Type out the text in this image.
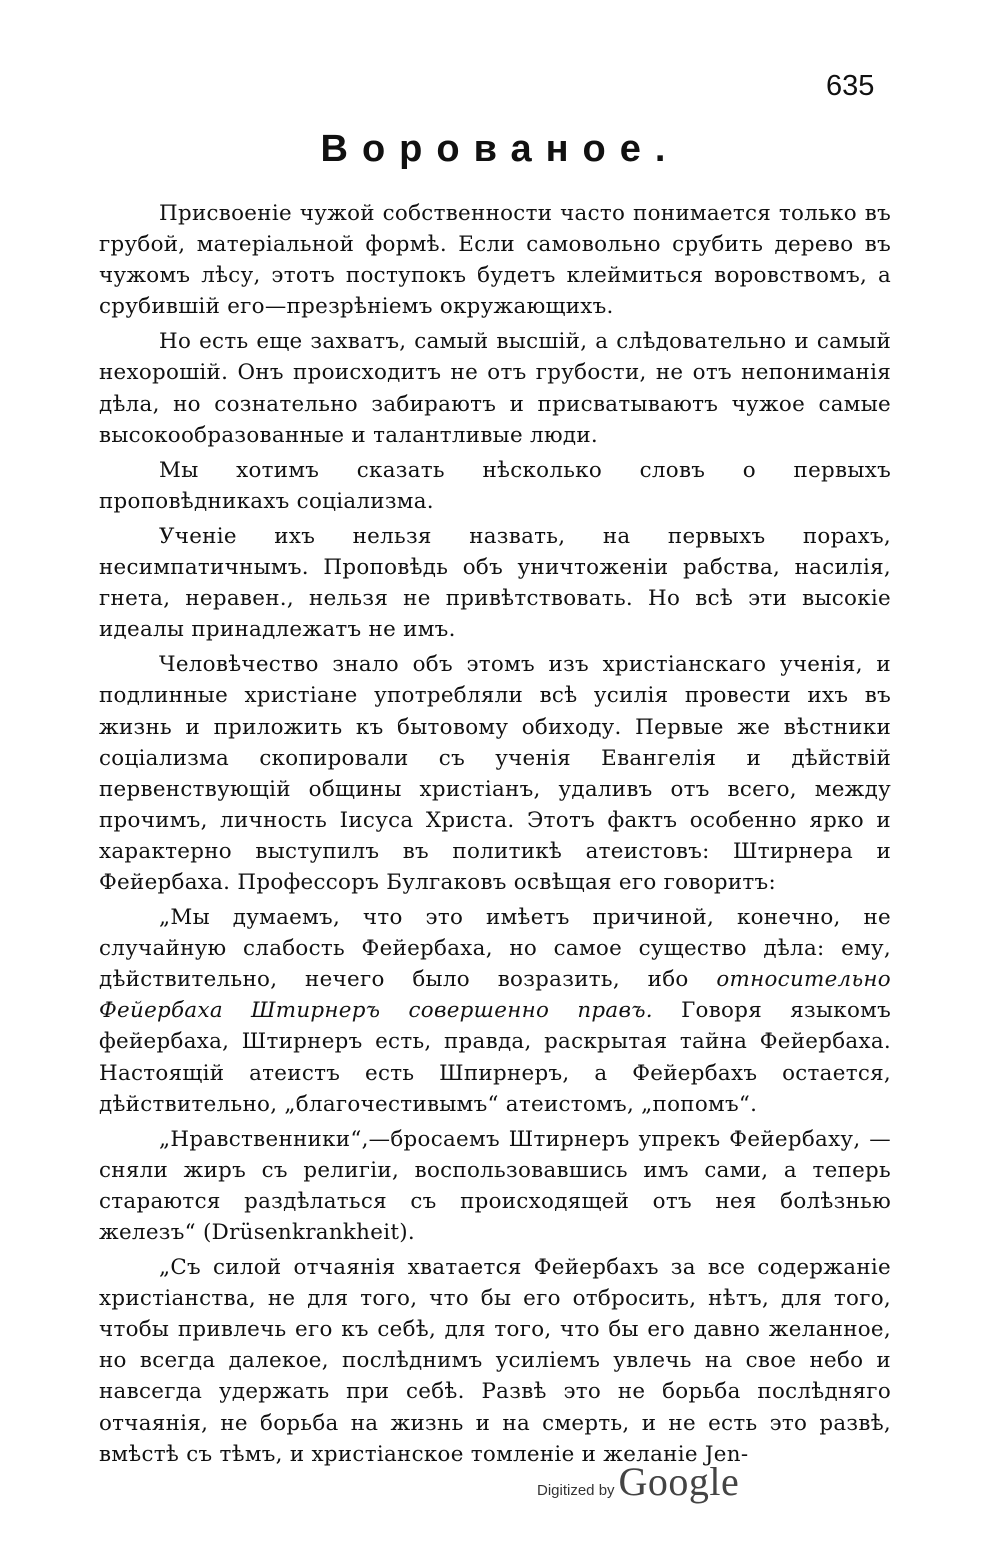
635
Ворованое.

Присвоеніе чужой собственности часто понимается только въ грубой, матеріальной формѣ. Если самовольно срубить дерево въ чужомъ лѣсу, этотъ поступокъ будетъ клеймиться воровствомъ, а срубившій его—презрѣніемъ окружающихъ.

Но есть еще захватъ, самый высшій, а слѣдовательно и самый нехорошій. Онъ происходитъ не отъ грубости, не отъ непониманія дѣла, но сознательно забираютъ и присватываютъ чужое самые высокообразованные и талантливые люди.

Мы хотимъ сказать нѣсколько словъ о первыхъ проповѣдникахъ соціализма.

Ученіе ихъ нельзя назвать, на первыхъ порахъ, несимпатичнымъ. Проповѣдь объ уничтоженіи рабства, насилія, гнета, неравен., нельзя не привѣтствовать. Но всѣ эти высокіе идеалы принадлежатъ не имъ.

Человѣчество знало объ этомъ изъ христіанскаго ученія, и подлинные христіане употребляли всѣ усилія провести ихъ въ жизнь и приложить къ бытовому обиходу. Первые же вѣстники соціализма скопировали съ ученія Евангелія и дѣйствій первенствующій общины христіанъ, удаливъ отъ всего, между прочимъ, личность Іисуса Христа. Этотъ фактъ особенно ярко и характерно выступилъ въ политикѣ атеистовъ: Штирнера и Фейербаха. Профессоръ Булгаковъ освѣщая его говоритъ:

„Мы думаемъ, что это имѣетъ причиной, конечно, не случайную слабость Фейербаха, но самое существо дѣла: ему, дѣйствительно, нечего было возразить, ибо относительно Фейербаха Штирнеръ совершенно правъ. Говоря языкомъ фейербаха, Штирнеръ есть, правда, раскрытая тайна Фейербаха. Настоящій атеистъ есть Шпирнеръ, а Фейербахъ остается, дѣйствительно, „благочестивымъ“ атеистомъ, „попомъ“.

„Нравственники“,—бросаемъ Штирнеръ упрекъ Фейербаху, —сняли жиръ съ религіи, воспользовавшись имъ сами, а теперь стараются раздѣлаться съ происходящей отъ нея болѣзнью железъ“ (Drüsenkrankheit).

„Съ силой отчаянія хватается Фейербахъ за все содержаніе христіанства, не для того, что бы его отбросить, нѣтъ, для того, чтобы привлечь его къ себѣ, для того, что бы его давно желанное, но всегда далекое, послѣднимъ усиліемъ увлечь на свое небо и навсегда удержать при себѣ. Развѣ это не борьба послѣдняго отчаянія, не борьба на жизнь и на смерть, и не есть это развѣ, вмѣстѣ съ тѣмъ, и христіанское томленіе и желаніе Jen-

Digitized by Google
